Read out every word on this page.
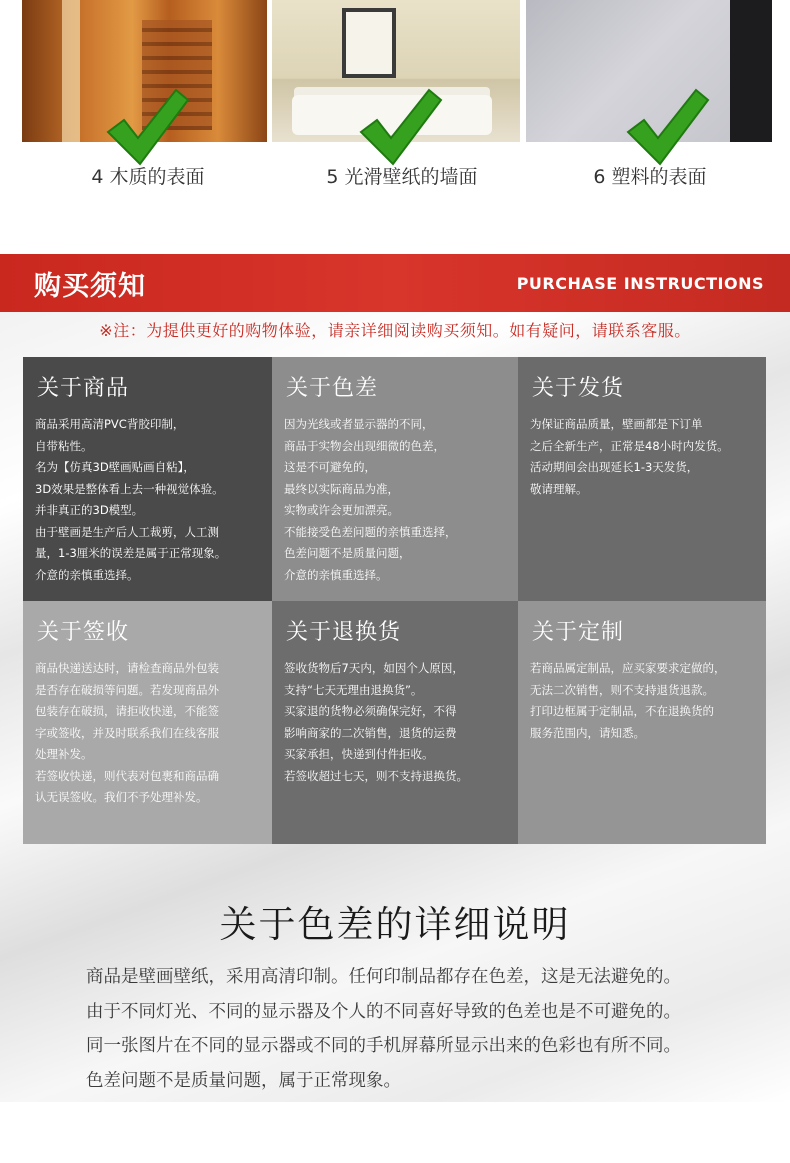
4 木质的表面	5 光滑壁纸的墙面	6 塑料的表面
购买须知	PURCHASE INSTRUCTIONS
※注：为提供更好的购物体验，请亲详细阅读购买须知。如有疑问，请联系客服。
关于商品

商品采用高清PVC背胶印制，
自带粘性。
名为【仿真3D壁画贴画自粘】，
3D效果是整体看上去一种视觉体验。
并非真正的3D模型。
由于壁画是生产后人工裁剪，人工测
量，1-3厘米的误差是属于正常现象。
介意的亲慎重选择。

关于色差

因为光线或者显示器的不同，
商品于实物会出现细微的色差，
这是不可避免的，
最终以实际商品为准，
实物或许会更加漂亮。
不能接受色差问题的亲慎重选择，
色差问题不是质量问题，
介意的亲慎重选择。

关于发货

为保证商品质量，壁画都是下订单
之后全新生产，正常是48小时内发货。
活动期间会出现延长1-3天发货，
敬请理解。

关于签收

商品快递送达时，请检查商品外包装
是否存在破损等问题。若发现商品外
包装存在破损，请拒收快递，不能签
字或签收，并及时联系我们在线客服
处理补发。
若签收快递，则代表对包裹和商品确
认无误签收。我们不予处理补发。

关于退换货

签收货物后7天内，如因个人原因，
支持“七天无理由退换货”。
买家退的货物必须确保完好，不得
影响商家的二次销售，退货的运费
买家承担，快递到付件拒收。
若签收超过七天，则不支持退换货。

关于定制

若商品属定制品，应买家要求定做的，
无法二次销售，则不支持退货退款。
打印边框属于定制品，不在退换货的
服务范围内，请知悉。

关于色差的详细说明

商品是壁画壁纸，采用高清印制。任何印制品都存在色差，这是无法避免的。

由于不同灯光、不同的显示器及个人的不同喜好导致的色差也是不可避免的。

同一张图片在不同的显示器或不同的手机屏幕所显示出来的色彩也有所不同。

色差问题不是质量问题，属于正常现象。
